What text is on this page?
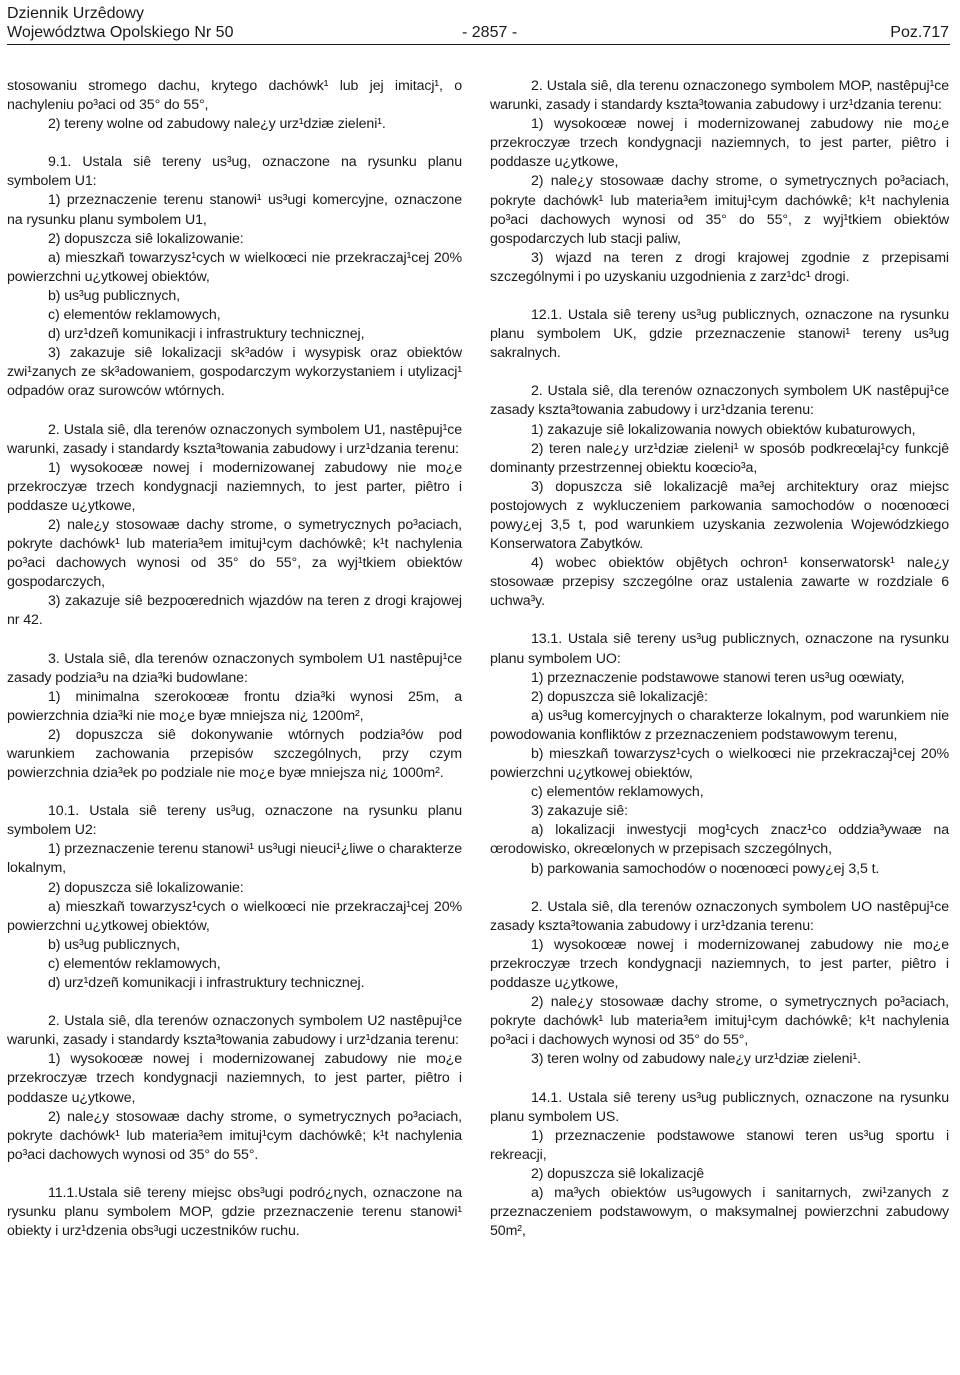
Dziennik Urzêdowy
Województwa Opolskiego Nr 50	Poz.717
- 2857 -

stosowaniu stromego dachu, krytego dachówk¹ lub jej imitacj¹, o nachyleniu po³aci od 35° do 55°,

2) tereny wolne od zabudowy nale¿y urz¹dziæ zieleni¹.

9.1. Ustala siê tereny us³ug, oznaczone na rysunku planu symbolem U1:

1) przeznaczenie terenu stanowi¹ us³ugi komercyjne, oznaczone na rysunku planu symbolem U1,

2) dopuszcza siê lokalizowanie:

a) mieszkañ towarzysz¹cych w wielkoœci nie przekraczaj¹cej 20% powierzchni u¿ytkowej obiektów,

b) us³ug publicznych,

c) elementów reklamowych,

d) urz¹dzeñ komunikacji i infrastruktury technicznej,

3) zakazuje siê lokalizacji sk³adów i wysypisk oraz obiektów zwi¹zanych ze sk³adowaniem, gospodarczym wykorzystaniem i utylizacj¹ odpadów oraz surowców wtórnych.

2. Ustala siê, dla terenów oznaczonych symbolem U1, nastêpuj¹ce warunki, zasady i standardy kszta³towania zabudowy i urz¹dzania terenu:

1) wysokoœæ nowej i modernizowanej zabudowy nie mo¿e przekroczyæ trzech kondygnacji naziemnych, to jest parter, piêtro i poddasze u¿ytkowe,

2) nale¿y stosowaæ dachy strome, o symetrycznych po³aciach, pokryte dachówk¹ lub materia³em imituj¹cym dachówkê; k¹t nachylenia po³aci dachowych wynosi od 35° do 55°, za wyj¹tkiem obiektów gospodarczych,

3) zakazuje siê bezpoœrednich wjazdów na teren z drogi krajowej nr 42.

3. Ustala siê, dla terenów oznaczonych symbolem U1 nastêpuj¹ce zasady podzia³u na dzia³ki budowlane:

1) minimalna szerokoœæ frontu dzia³ki wynosi 25m, a powierzchnia dzia³ki nie mo¿e byæ mniejsza ni¿ 1200m²,

2) dopuszcza siê dokonywanie wtórnych podzia³ów pod warunkiem zachowania przepisów szczególnych, przy czym powierzchnia dzia³ek po podziale nie mo¿e byæ mniejsza ni¿ 1000m².

10.1. Ustala siê tereny us³ug, oznaczone na rysunku planu symbolem U2:

1) przeznaczenie terenu stanowi¹ us³ugi nieuci¹¿liwe o charakterze lokalnym,

2) dopuszcza siê lokalizowanie:

a) mieszkañ towarzysz¹cych o wielkoœci nie przekraczaj¹cej 20% powierzchni u¿ytkowej obiektów,

b) us³ug publicznych,

c) elementów reklamowych,

d) urz¹dzeñ komunikacji i infrastruktury technicznej.

2. Ustala siê, dla terenów oznaczonych symbolem U2 nastêpuj¹ce warunki, zasady i standardy kszta³towania zabudowy i urz¹dzania terenu:

1) wysokoœæ nowej i modernizowanej zabudowy nie mo¿e przekroczyæ trzech kondygnacji naziemnych, to jest parter, piêtro i poddasze u¿ytkowe,

2) nale¿y stosowaæ dachy strome, o symetrycznych po³aciach, pokryte dachówk¹ lub materia³em imituj¹cym dachówkê; k¹t nachylenia po³aci dachowych wynosi od 35° do 55°.

11.1.Ustala siê tereny miejsc obs³ugi podró¿nych, oznaczone na rysunku planu symbolem MOP, gdzie przeznaczenie terenu stanowi¹ obiekty i urz¹dzenia obs³ugi uczestników ruchu.

2. Ustala siê, dla terenu oznaczonego symbolem MOP, nastêpuj¹ce warunki, zasady i standardy kszta³towania zabudowy i urz¹dzania terenu:

1) wysokoœæ nowej i modernizowanej zabudowy nie mo¿e przekroczyæ trzech kondygnacji naziemnych, to jest parter, piêtro i poddasze u¿ytkowe,

2) nale¿y stosowaæ dachy strome, o symetrycznych po³aciach, pokryte dachówk¹ lub materia³em imituj¹cym dachówkê; k¹t nachylenia po³aci dachowych wynosi od 35° do 55°, z wyj¹tkiem obiektów gospodarczych lub stacji paliw,

3) wjazd na teren z drogi krajowej zgodnie z przepisami szczególnymi i po uzyskaniu uzgodnienia z zarz¹dc¹ drogi.

12.1. Ustala siê tereny us³ug publicznych, oznaczone na rysunku planu symbolem UK, gdzie przeznaczenie stanowi¹ tereny us³ug sakralnych.

2. Ustala siê, dla terenów oznaczonych symbolem UK nastêpuj¹ce zasady kszta³towania zabudowy i urz¹dzania terenu:

1) zakazuje siê lokalizowania nowych obiektów kubaturowych,

2) teren nale¿y urz¹dziæ zieleni¹ w sposób podkreœlaj¹cy funkcjê dominanty przestrzennej obiektu koœcio³a,

3) dopuszcza siê lokalizacjê ma³ej architektury oraz miejsc postojowych z wykluczeniem parkowania samochodów o noœnoœci powy¿ej 3,5 t, pod warunkiem uzyskania zezwolenia Wojewódzkiego Konserwatora Zabytków.

4) wobec obiektów objêtych ochron¹ konserwatorsk¹ nale¿y stosowaæ przepisy szczególne oraz ustalenia zawarte w rozdziale 6 uchwa³y.

13.1. Ustala siê tereny us³ug publicznych, oznaczone na rysunku planu symbolem UO:

1) przeznaczenie podstawowe stanowi teren us³ug oœwiaty,

2) dopuszcza siê lokalizacjê:

a) us³ug komercyjnych o charakterze lokalnym, pod warunkiem nie powodowania konfliktów z przeznaczeniem podstawowym terenu,

b) mieszkañ towarzysz¹cych o wielkoœci nie przekraczaj¹cej 20% powierzchni u¿ytkowej obiektów,

c) elementów reklamowych,

3) zakazuje siê:

a) lokalizacji inwestycji mog¹cych znacz¹co oddzia³ywaæ na œrodowisko, okreœlonych w przepisach szczególnych,

b) parkowania samochodów o noœnoœci powy¿ej 3,5 t.

2. Ustala siê, dla terenów oznaczonych symbolem UO nastêpuj¹ce zasady kszta³towania zabudowy i urz¹dzania terenu:

1) wysokoœæ nowej i modernizowanej zabudowy nie mo¿e przekroczyæ trzech kondygnacji naziemnych, to jest parter, piêtro i poddasze u¿ytkowe,

2) nale¿y stosowaæ dachy strome, o symetrycznych po³aciach, pokryte dachówk¹ lub materia³em imituj¹cym dachówkê; k¹t nachylenia po³aci i dachowych wynosi od 35° do 55°,

3) teren wolny od zabudowy nale¿y urz¹dziæ zieleni¹.

14.1. Ustala siê tereny us³ug publicznych, oznaczone na rysunku planu symbolem US.

1) przeznaczenie podstawowe stanowi teren us³ug sportu i rekreacji,

2) dopuszcza siê lokalizacjê

a) ma³ych obiektów us³ugowych i sanitarnych, zwi¹zanych z przeznaczeniem podstawowym, o maksymalnej powierzchni zabudowy 50m²,
